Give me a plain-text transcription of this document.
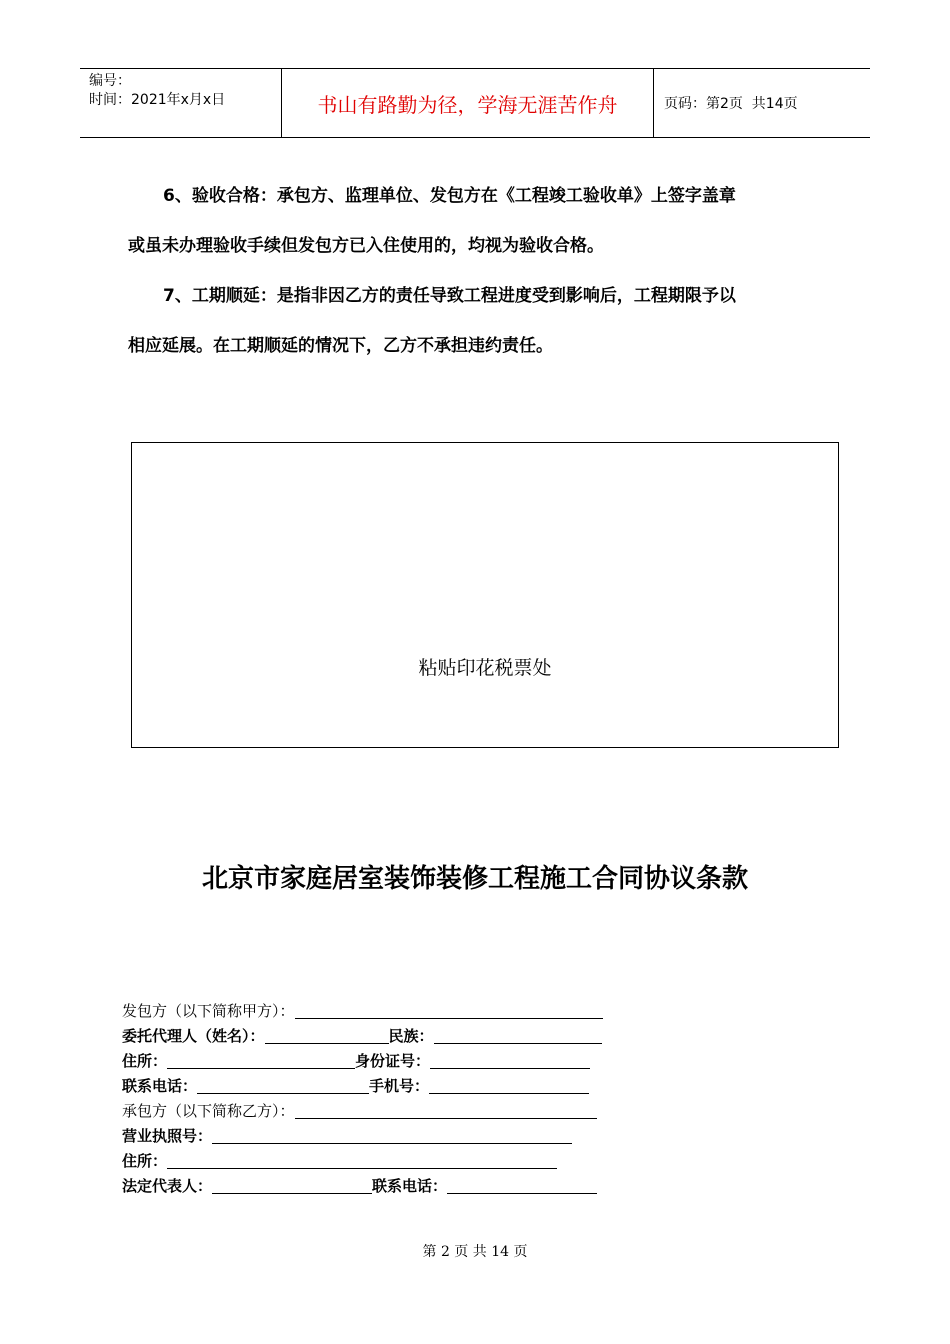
编号：
时间：2021年x月x日	书山有路勤为径，学海无涯苦作舟	页码：第2页  共14页
6、验收合格：承包方、监理单位、发包方在《工程竣工验收单》上签字盖章
或虽未办理验收手续但发包方已入住使用的，均视为验收合格。
7、工期顺延：是指非因乙方的责任导致工程进度受到影响后，工程期限予以
相应延展。在工期顺延的情况下，乙方不承担违约责任。
粘贴印花税票处
北京市家庭居室装饰装修工程施工合同协议条款
发包方（以下简称甲方）：
委托代理人（姓名）：	民族：
住所：	身份证号：
联系电话：	手机号：
承包方（以下简称乙方）：
营业执照号：
住所：
法定代表人：	联系电话：
第 2 页 共 14 页
